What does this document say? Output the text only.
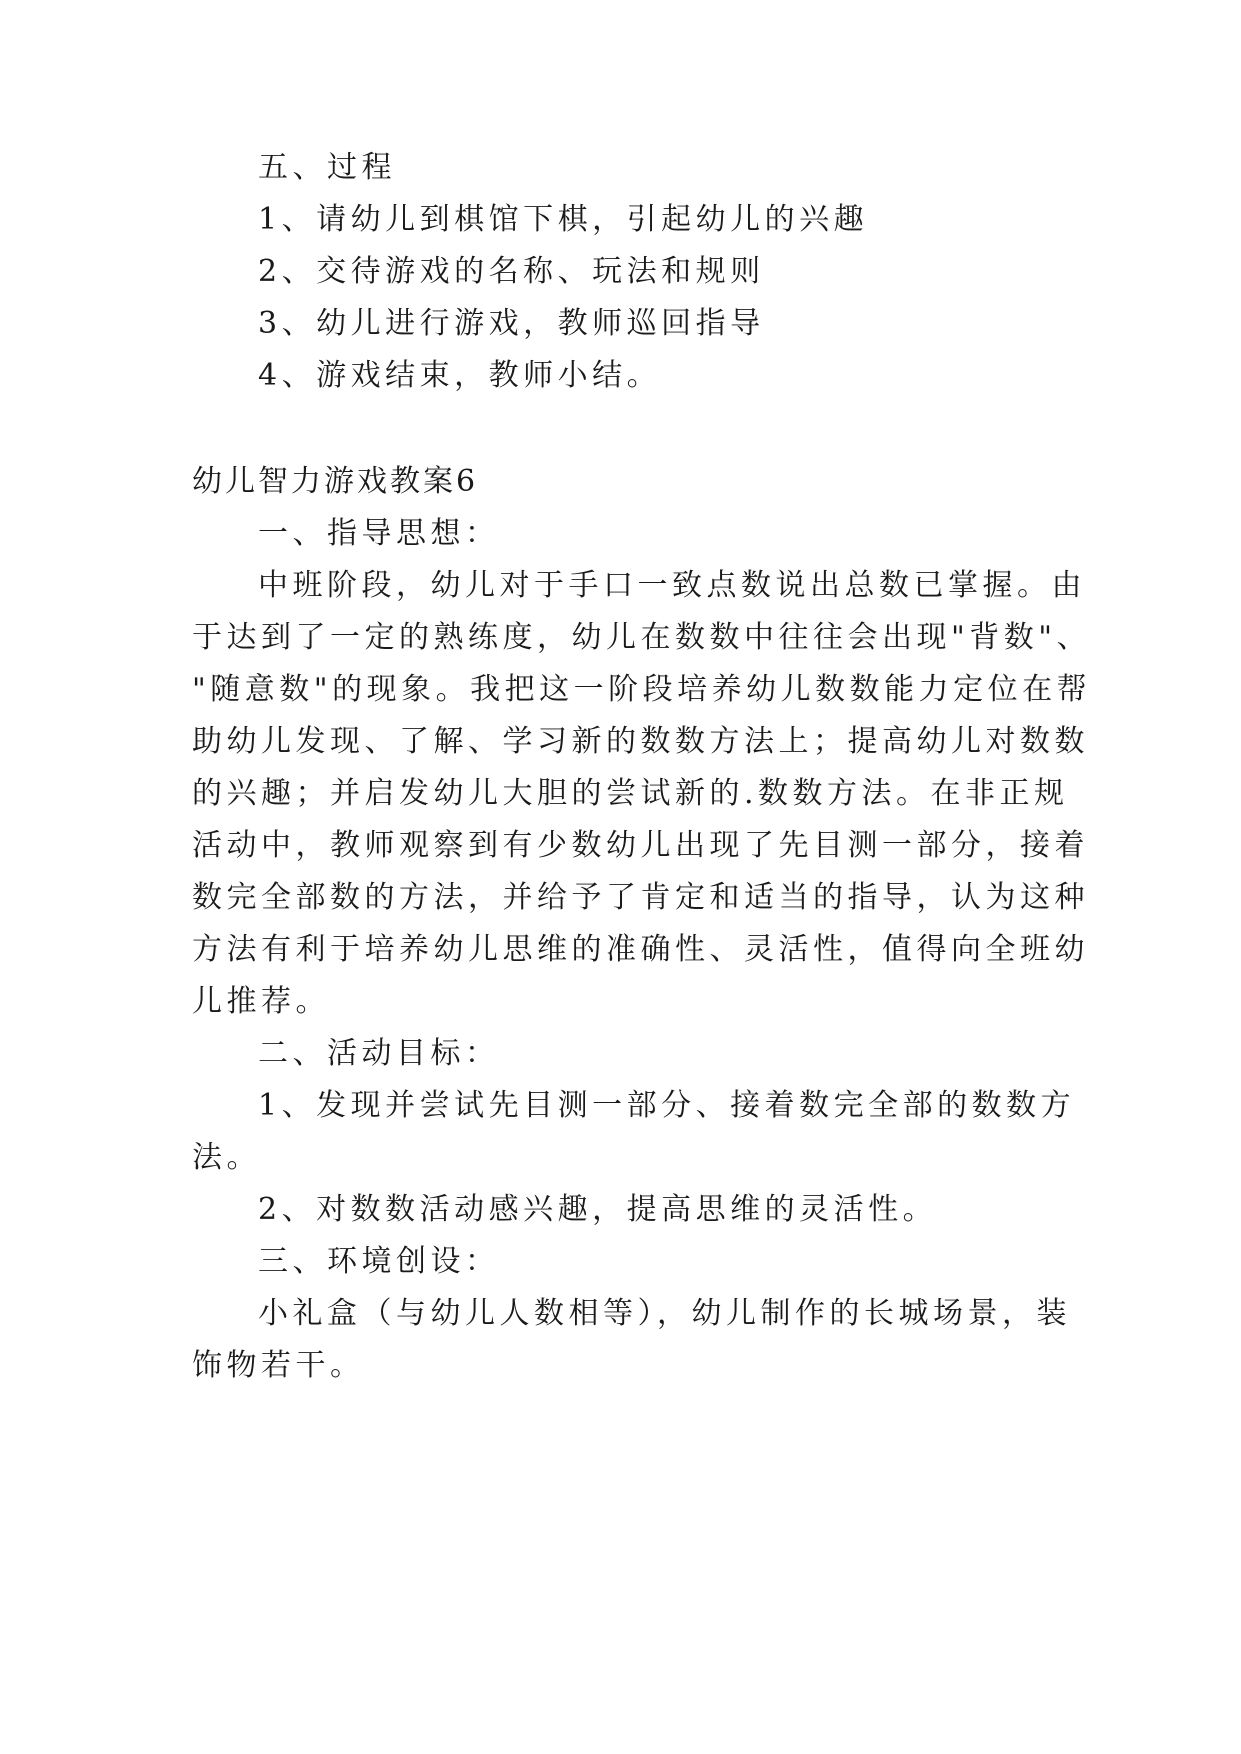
五、过程

1、请幼儿到棋馆下棋，引起幼儿的兴趣

2、交待游戏的名称、玩法和规则

3、幼儿进行游戏，教师巡回指导

4、游戏结束，教师小结。

幼儿智力游戏教案6

一、指导思想：

中班阶段，幼儿对于手口一致点数说出总数已掌握。由

于达到了一定的熟练度，幼儿在数数中往往会出现"背数"、

"随意数"的现象。我把这一阶段培养幼儿数数能力定位在帮

助幼儿发现、了解、学习新的数数方法上；提高幼儿对数数

的兴趣；并启发幼儿大胆的尝试新的.数数方法。在非正规

活动中，教师观察到有少数幼儿出现了先目测一部分，接着

数完全部数的方法，并给予了肯定和适当的指导，认为这种

方法有利于培养幼儿思维的准确性、灵活性，值得向全班幼

儿推荐。

二、活动目标：

1、发现并尝试先目测一部分、接着数完全部的数数方

法。

2、对数数活动感兴趣，提高思维的灵活性。

三、环境创设：

小礼盒（与幼儿人数相等），幼儿制作的长城场景，装

饰物若干。
